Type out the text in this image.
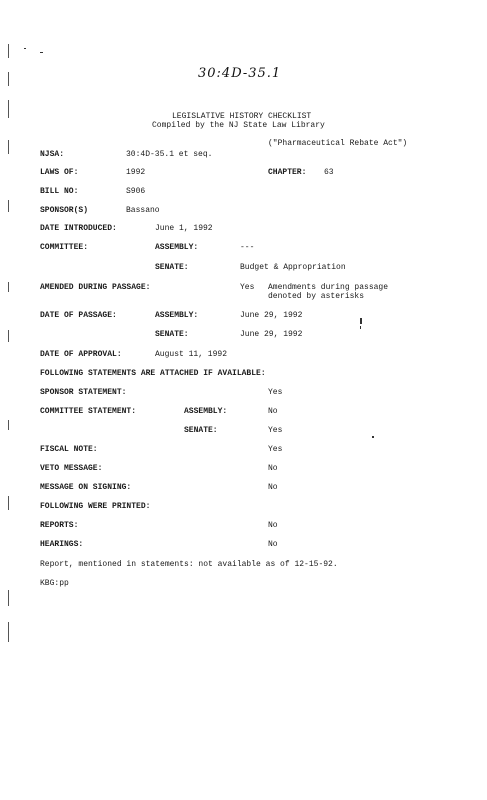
30:4D-35.1
LEGISLATIVE HISTORY CHECKLIST
Compiled by the NJ State Law Library
("Pharmaceutical Rebate Act")
NJSA:	30:4D-35.1 et seq.
LAWS OF:	1992	CHAPTER: 63
BILL NO:	S906
SPONSOR(S)	Bassano
DATE INTRODUCED:	June 1, 1992
COMMITTEE:	ASSEMBLY:	---
SENATE:	Budget & Appropriation
AMENDED DURING PASSAGE:	Yes Amendments during passage
denoted by asterisks
DATE OF PASSAGE:	ASSEMBLY:	June 29, 1992
SENATE:	June 29, 1992
DATE OF APPROVAL:	August 11, 1992
FOLLOWING STATEMENTS ARE ATTACHED IF AVAILABLE:
SPONSOR STATEMENT:	Yes
COMMITTEE STATEMENT:	ASSEMBLY:	No
SENATE:	Yes
FISCAL NOTE:	Yes
VETO MESSAGE:	No
MESSAGE ON SIGNING:	No
FOLLOWING WERE PRINTED:
REPORTS:	No
HEARINGS:	No
Report, mentioned in statements: not available as of 12-15-92.
KBG:pp
